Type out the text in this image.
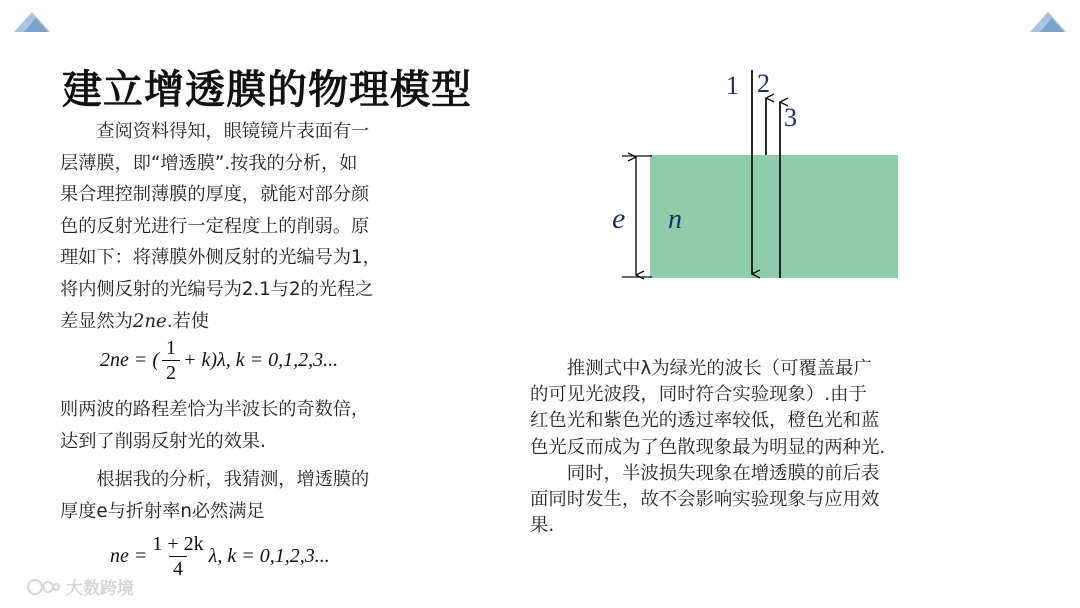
建立增透膜的物理模型

查阅资料得知，眼镜镜片表面有一

层薄膜，即“增透膜”.按我的分析，如

果合理控制薄膜的厚度，就能对部分颜

色的反射光进行一定程度上的削弱。原

理如下：将薄膜外侧反射的光编号为1，

将内侧反射的光编号为2.1与2的光程之

差显然为2ne.若使

2ne = ( $\frac{1}{2} + k)\lambda$, k = 0,1,2,3...

则两波的路程差恰为半波长的奇数倍，

达到了削弱反射光的效果.

根据我的分析，我猜测，增透膜的

厚度e与折射率n必然满足

ne = $\frac{1 + 2k}{4} \lambda$, k = 0,1,2,3...
1 2
3
e n

推测式中λ为绿光的波长（可覆盖最广

的可见光波段，同时符合实验现象）.由于

红色光和紫色光的透过率较低，橙色光和蓝

色光反而成为了色散现象最为明显的两种光.

同时，半波损失现象在增透膜的前后表

面同时发生，故不会影响实验现象与应用效

果.

大数跨境
